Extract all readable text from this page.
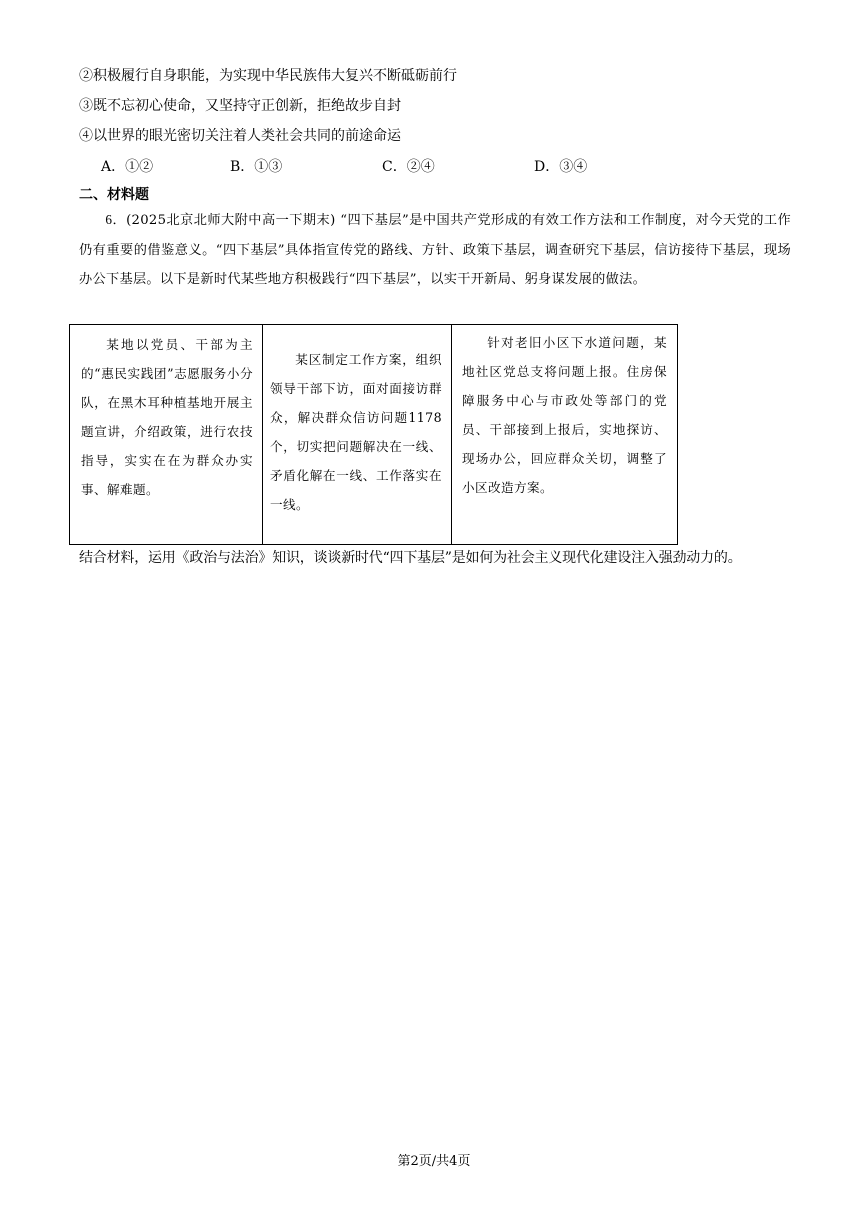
②积极履行自身职能，为实现中华民族伟大复兴不断砥砺前行
③既不忘初心使命，又坚持守正创新，拒绝故步自封
④以世界的眼光密切关注着人类社会共同的前途命运
A．①②	B．①③	C．②④	D．③④
二、材料题
6．(2025北京北师大附中高一下期末) “四下基层”是中国共产党形成的有效工作方法和工作制度，对今天党的工作仍有重要的借鉴意义。“四下基层”具体指宣传党的路线、方针、政策下基层，调查研究下基层，信访接待下基层，现场办公下基层。以下是新时代某些地方积极践行“四下基层”，以实干开新局、躬身谋发展的做法。
某地以党员、干部为主的“惠民实践团”志愿服务小分队，在黑木耳种植基地开展主题宣讲，介绍政策，进行农技指导，实实在在为群众办实事、解难题。

某区制定工作方案，组织领导干部下访，面对面接访群众，解决群众信访问题1178个，切实把问题解决在一线、矛盾化解在一线、工作落实在一线。

针对老旧小区下水道问题，某地社区党总支将问题上报。住房保障服务中心与市政处等部门的党员、干部接到上报后，实地探访、现场办公，回应群众关切，调整了小区改造方案。
结合材料，运用《政治与法治》知识，谈谈新时代“四下基层”是如何为社会主义现代化建设注入强劲动力的。
第2页/共4页
